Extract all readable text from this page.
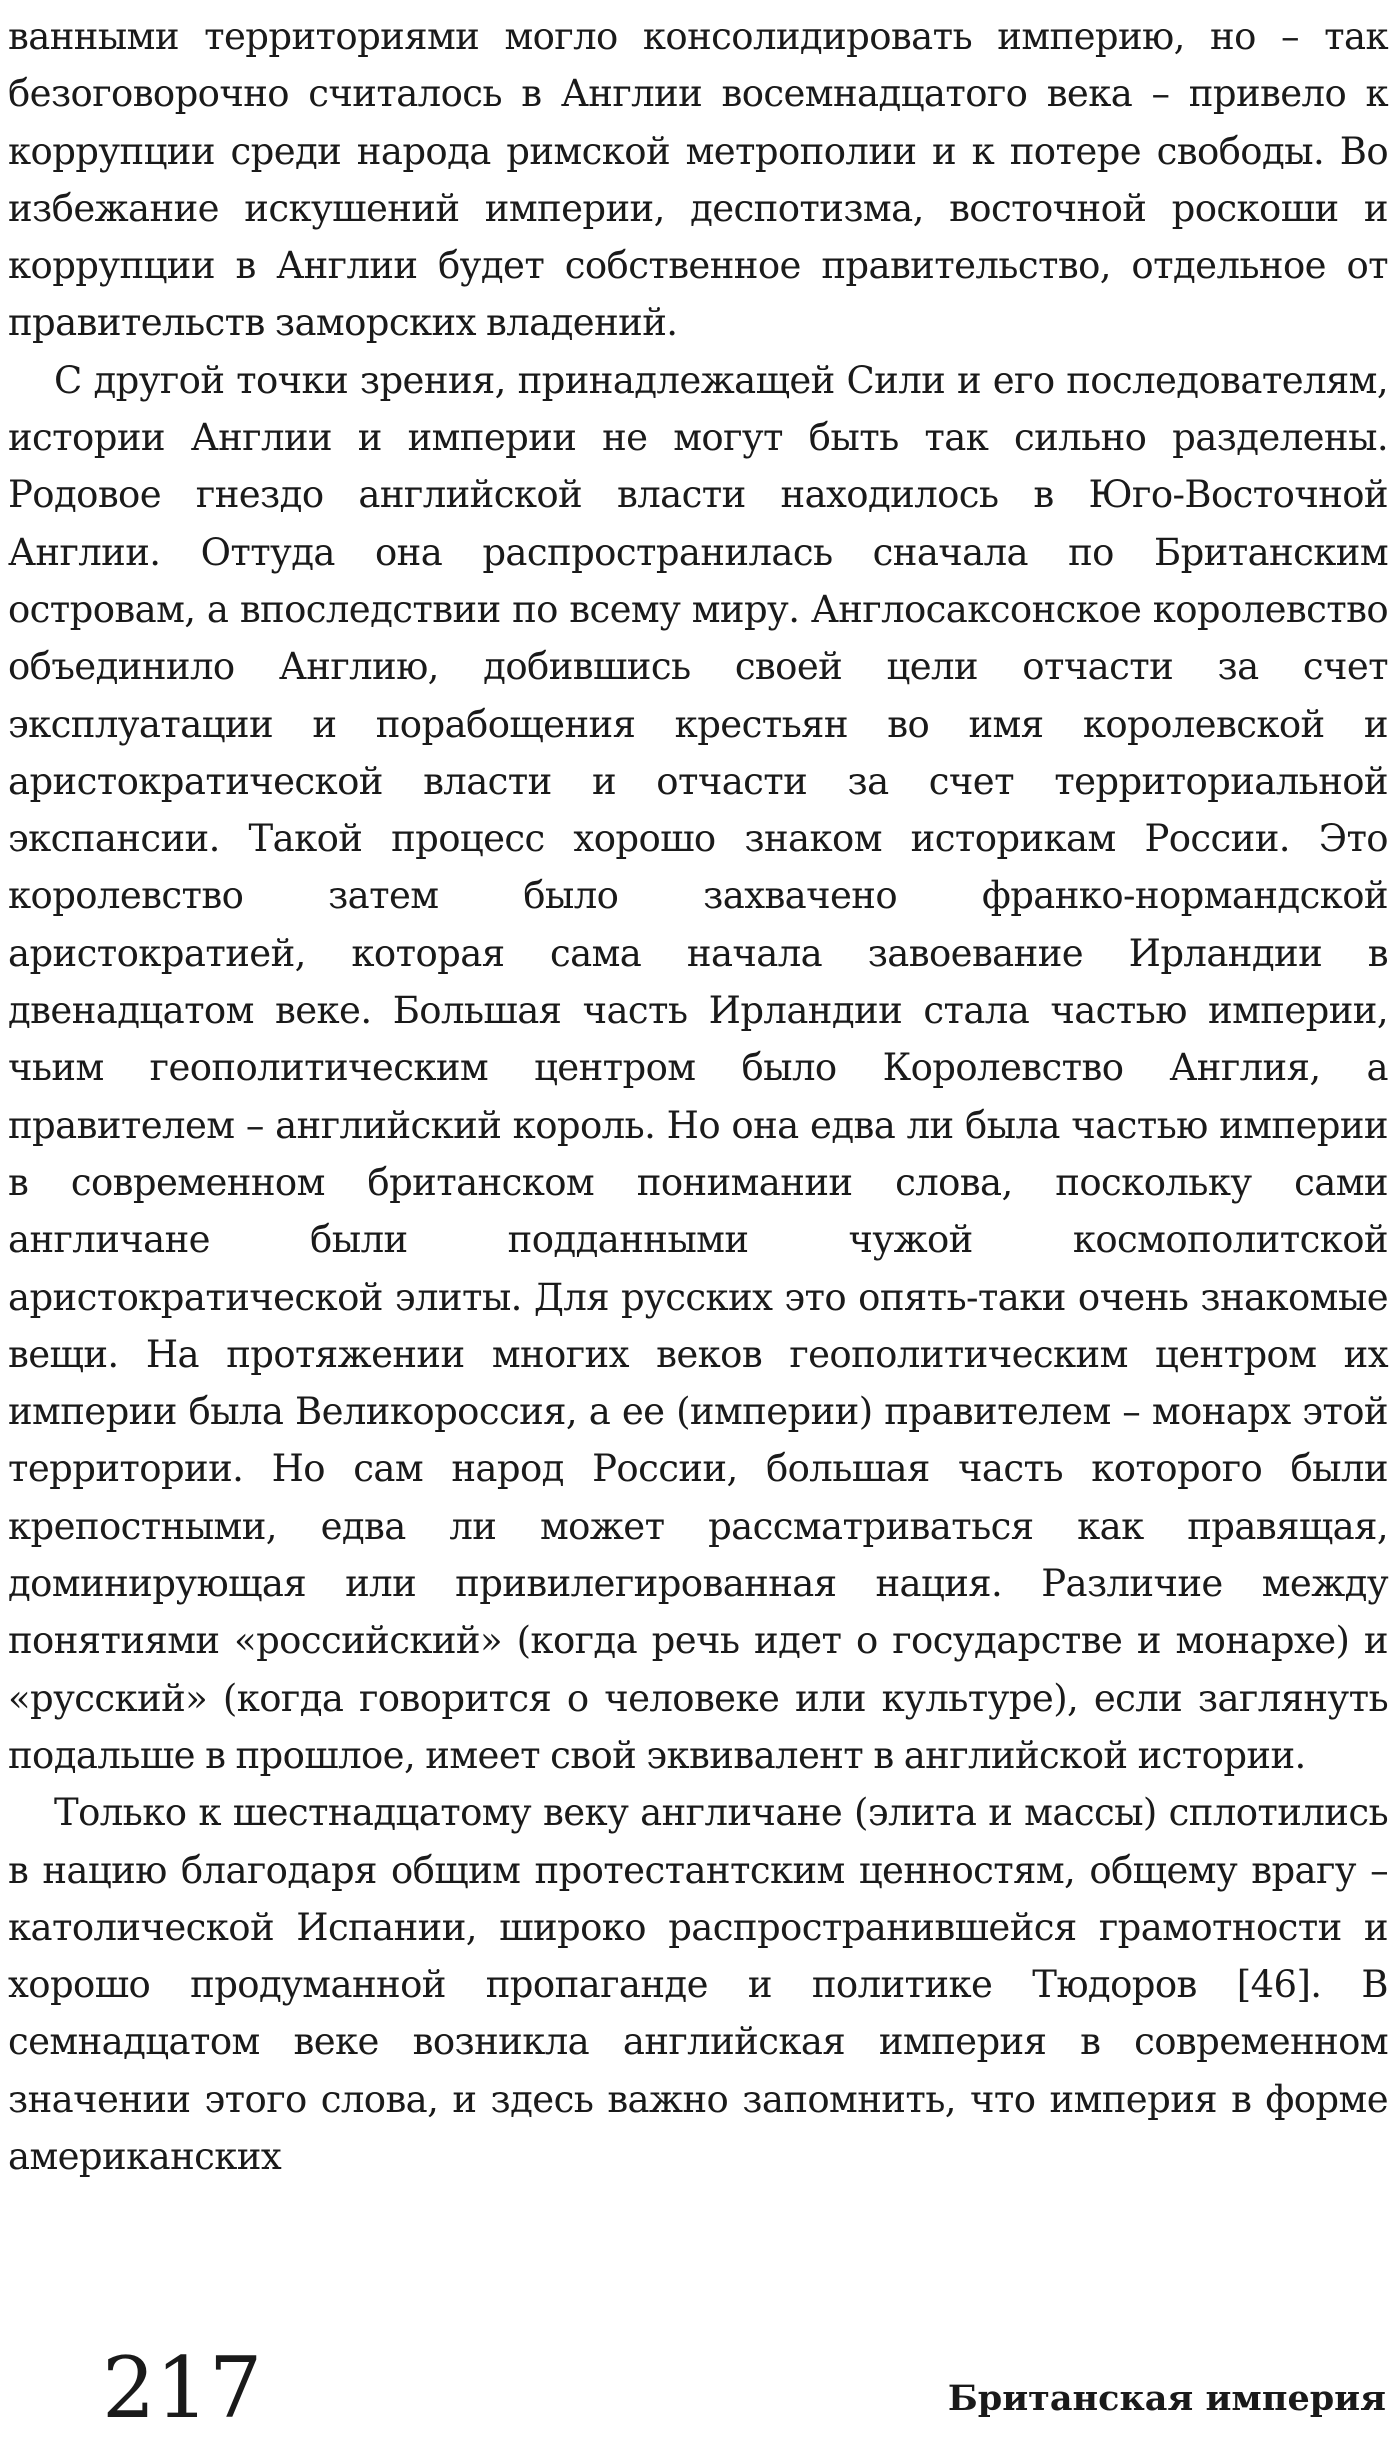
ванными территориями могло консолидировать империю, но – так безоговорочно считалось в Англии восемнадцатого века – привело к коррупции среди народа римской метрополии и к потере свободы. Во избежание искушений империи, деспотизма, восточной роскоши и коррупции в Англии будет собственное правительство, отдельное от правительств заморских владений.

С другой точки зрения, принадлежащей Сили и его последователям, истории Англии и империи не могут быть так сильно разделены. Родовое гнездо английской власти находилось в Юго-Восточной Англии. Оттуда она распространилась сначала по Британским островам, а впоследствии по всему миру. Англосаксонское королевство объединило Англию, добившись своей цели отчасти за счет эксплуатации и порабощения крестьян во имя королевской и аристократической власти и отчасти за счет территориальной экспансии. Такой процесс хорошо знаком историкам России. Это королевство затем было захвачено франко-нормандской аристократией, которая сама начала завоевание Ирландии в двенадцатом веке. Большая часть Ирландии стала частью империи, чьим геополитическим центром было Королевство Англия, а правителем – английский король. Но она едва ли была частью империи в современном британском понимании слова, поскольку сами англичане были подданными чужой космополитской аристократической элиты. Для русских это опять-таки очень знакомые вещи. На протяжении многих веков геополитическим центром их империи была Великороссия, а ее (империи) правителем – монарх этой территории. Но сам народ России, большая часть которого были крепостными, едва ли может рассматриваться как правящая, доминирующая или привилегированная нация. Различие между понятиями «российский» (когда речь идет о государстве и монархе) и «русский» (когда говорится о человеке или культуре), если заглянуть подальше в прошлое, имеет свой эквивалент в английской истории.

Только к шестнадцатому веку англичане (элита и массы) сплотились в нацию благодаря общим протестантским ценностям, общему врагу – католической Испании, широко распространившейся грамотности и хорошо продуманной пропаганде и политике Тюдоров [46]. В семнадцатом веке возникла английская империя в современном значении этого слова, и здесь важно запомнить, что империя в форме американских

217	Британская империя
